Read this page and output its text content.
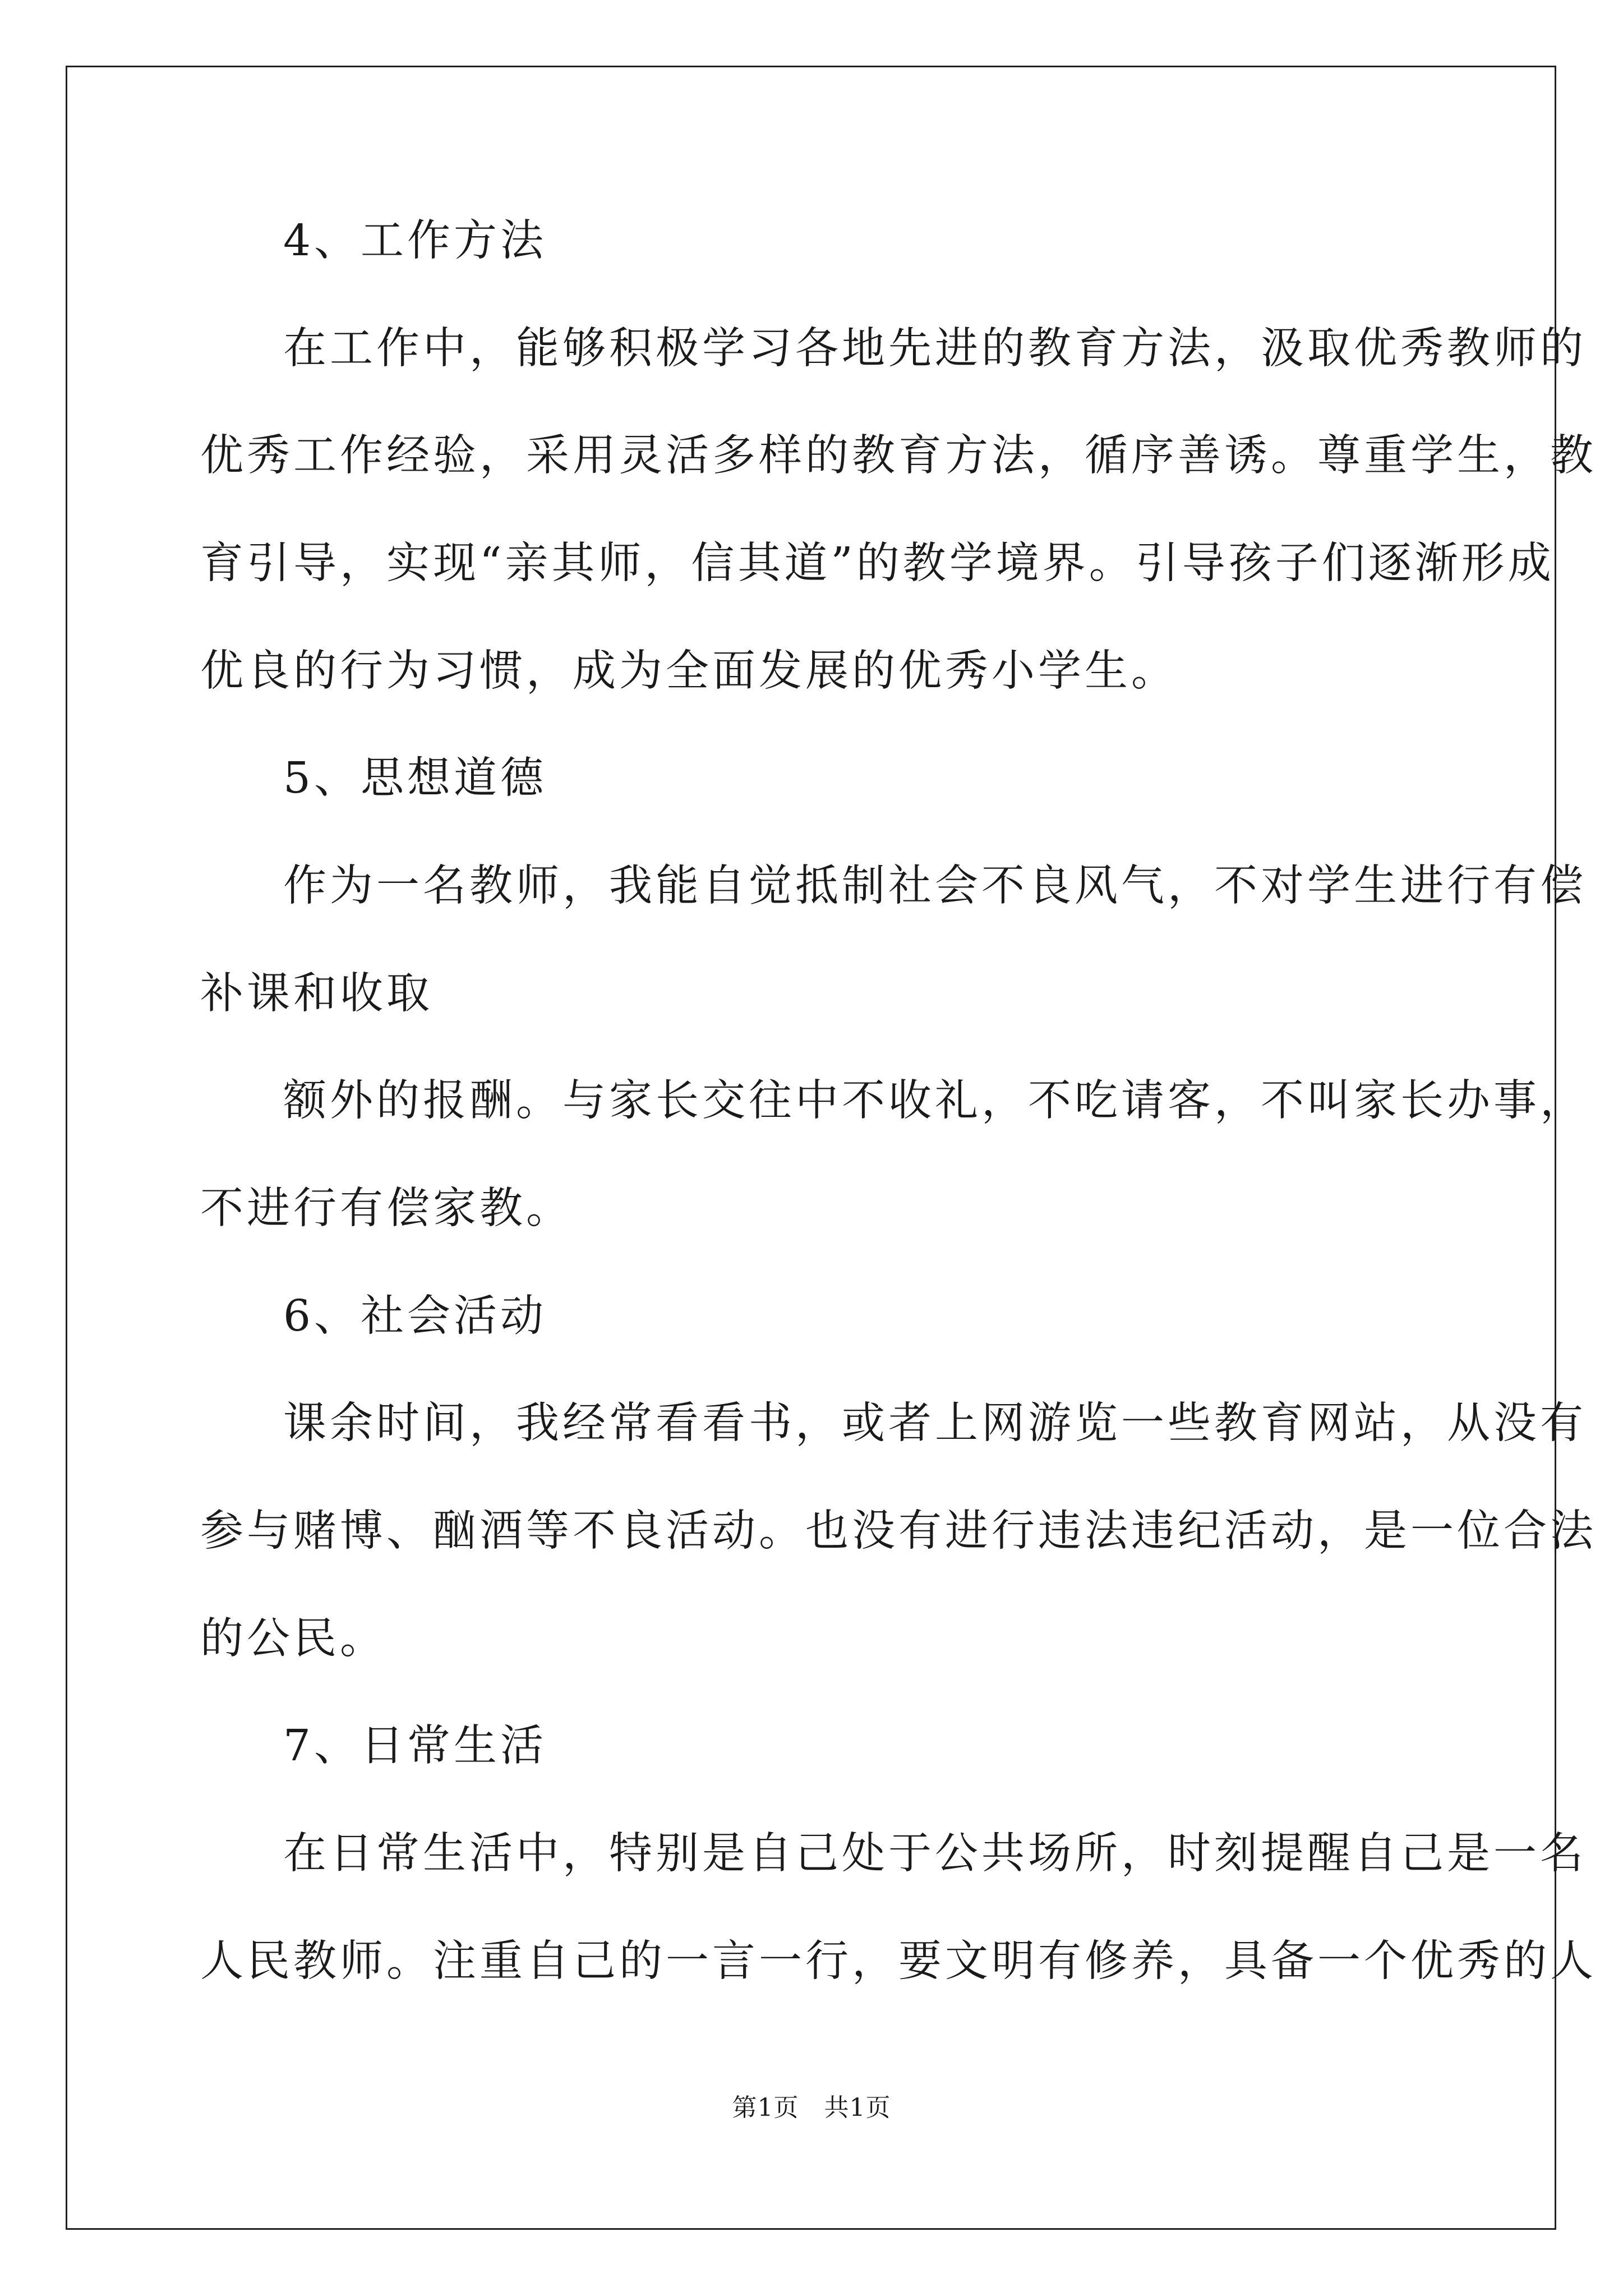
4、工作方法
在工作中，能够积极学习各地先进的教育方法，汲取优秀教师的
优秀工作经验，采用灵活多样的教育方法，循序善诱。尊重学生，教
育引导，实现“亲其师，信其道”的教学境界。引导孩子们逐渐形成
优良的行为习惯，成为全面发展的优秀小学生。
5、思想道德
作为一名教师，我能自觉抵制社会不良风气，不对学生进行有偿
补课和收取
额外的报酬。与家长交往中不收礼，不吃请客，不叫家长办事，
不进行有偿家教。
6、社会活动
课余时间，我经常看看书，或者上网游览一些教育网站，从没有
参与赌博、酗酒等不良活动。也没有进行违法违纪活动，是一位合法
的公民。
7、日常生活
在日常生活中，特别是自己处于公共场所，时刻提醒自己是一名
人民教师。注重自己的一言一行，要文明有修养，具备一个优秀的人
第1页   共1页
